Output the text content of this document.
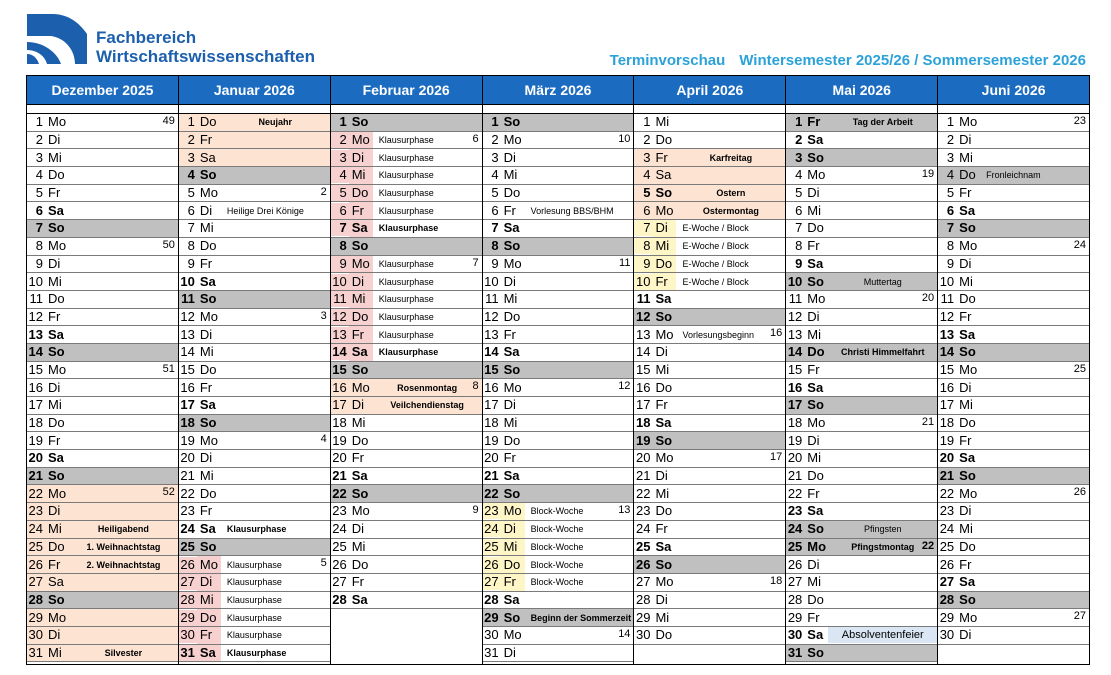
Fachbereich
Wirtschaftswissenschaften	Terminvorschau Wintersemester 2025/26 / Sommersemester 2026
Dezember 2025
1 Mo	49
2 Di
3 Mi
4 Do
5 Fr
6 Sa
7 So
8 Mo	50
9 Di
10 Mi
11 Do
12 Fr
13 Sa
14 So
15 Mo	51
16 Di
17 Mi
18 Do
19 Fr
20 Sa
21 So
22 Mo	52
23 Di
24 Mi	Heiligabend
25 Do	1. Weihnachtstag
26 Fr	2. Weihnachtstag
27 Sa
28 So
29 Mo
30 Di
31 Mi	Silvester
Januar 2026
1 Do	Neujahr
2 Fr
3 Sa
4 So
5 Mo	2
6 Di	Heilige Drei Könige
7 Mi
8 Do
9 Fr
10 Sa
11 So
12 Mo	3
13 Di
14 Mi
15 Do
16 Fr
17 Sa
18 So
19 Mo	4
20 Di
21 Mi
22 Do
23 Fr
24 Sa	Klausurphase
25 So
26 Mo Klausurphase	5
27 Di	Klausurphase
28 Mi	Klausurphase
29 Do	Klausurphase
30 Fr	Klausurphase
31 Sa	Klausurphase
Februar 2026
1 So
2 Mo Klausurphase	6
3 Di	Klausurphase
4 Mi	Klausurphase
5 Do	Klausurphase
6 Fr	Klausurphase
7 Sa	Klausurphase
8 So
9 Mo Klausurphase	7
10 Di	Klausurphase
11 Mi	Klausurphase
12 Do	Klausurphase
13 Fr	Klausurphase
14 Sa	Klausurphase
15 So
16 Mo	Rosenmontag	8
17 Di	Veilchendienstag
18 Mi
19 Do
20 Fr
21 Sa
22 So
23 Mo	9
24 Di
25 Mi
26 Do
27 Fr
28 Sa
März 2026
1 So
2 Mo	10
3 Di
4 Mi
5 Do
6 Fr	Vorlesung BBS/BHM
7 Sa
8 So
9 Mo	11
10 Di
11 Mi
12 Do
13 Fr
14 Sa
15 So
16 Mo	12
17 Di
18 Mi
19 Do
20 Fr
21 Sa
22 So
23 Mo Block-Woche	13
24 Di	Block-Woche
25 Mi	Block-Woche
26 Do	Block-Woche
27 Fr	Block-Woche
28 Sa
29 So	Beginn der Sommerzeit
30 Mo	14
31 Di
April 2026
1 Mi
2 Do
3 Fr	Karfreitag
4 Sa
5 So	Ostern
6 Mo	Ostermontag
7 Di	E-Woche / Block
8 Mi	E-Woche / Block
9 Do	E-Woche / Block
10 Fr	E-Woche / Block
11 Sa
12 So
13 Mo Vorlesungsbeginn	16
14 Di
15 Mi
16 Do
17 Fr
18 Sa
19 So
20 Mo	17
21 Di
22 Mi
23 Do
24 Fr
25 Sa
26 So
27 Mo	18
28 Di
29 Mi
30 Do
Mai 2026
1 Fr	Tag der Arbeit
2 Sa
3 So
4 Mo	19
5 Di
6 Mi
7 Do
8 Fr
9 Sa
10 So	Muttertag
11 Mo	20
12 Di
13 Mi
14 Do	Christi Himmelfahrt
15 Fr
16 Sa
17 So
18 Mo	21
19 Di
20 Mi
21 Do
22 Fr
23 Sa
24 So	Pfingsten
25 Mo	Pfingstmontag 22
26 Di
27 Mi
28 Do
29 Fr
30 Sa	Absolventenfeier
31 So
Juni 2026
1 Mo	23
2 Di
3 Mi
4 Do	Fronleichnam
5 Fr
6 Sa
7 So
8 Mo	24
9 Di
10 Mi
11 Do
12 Fr
13 Sa
14 So
15 Mo	25
16 Di
17 Mi
18 Do
19 Fr
20 Sa
21 So
22 Mo	26
23 Di
24 Mi
25 Do
26 Fr
27 Sa
28 So
29 Mo	27
30 Di
